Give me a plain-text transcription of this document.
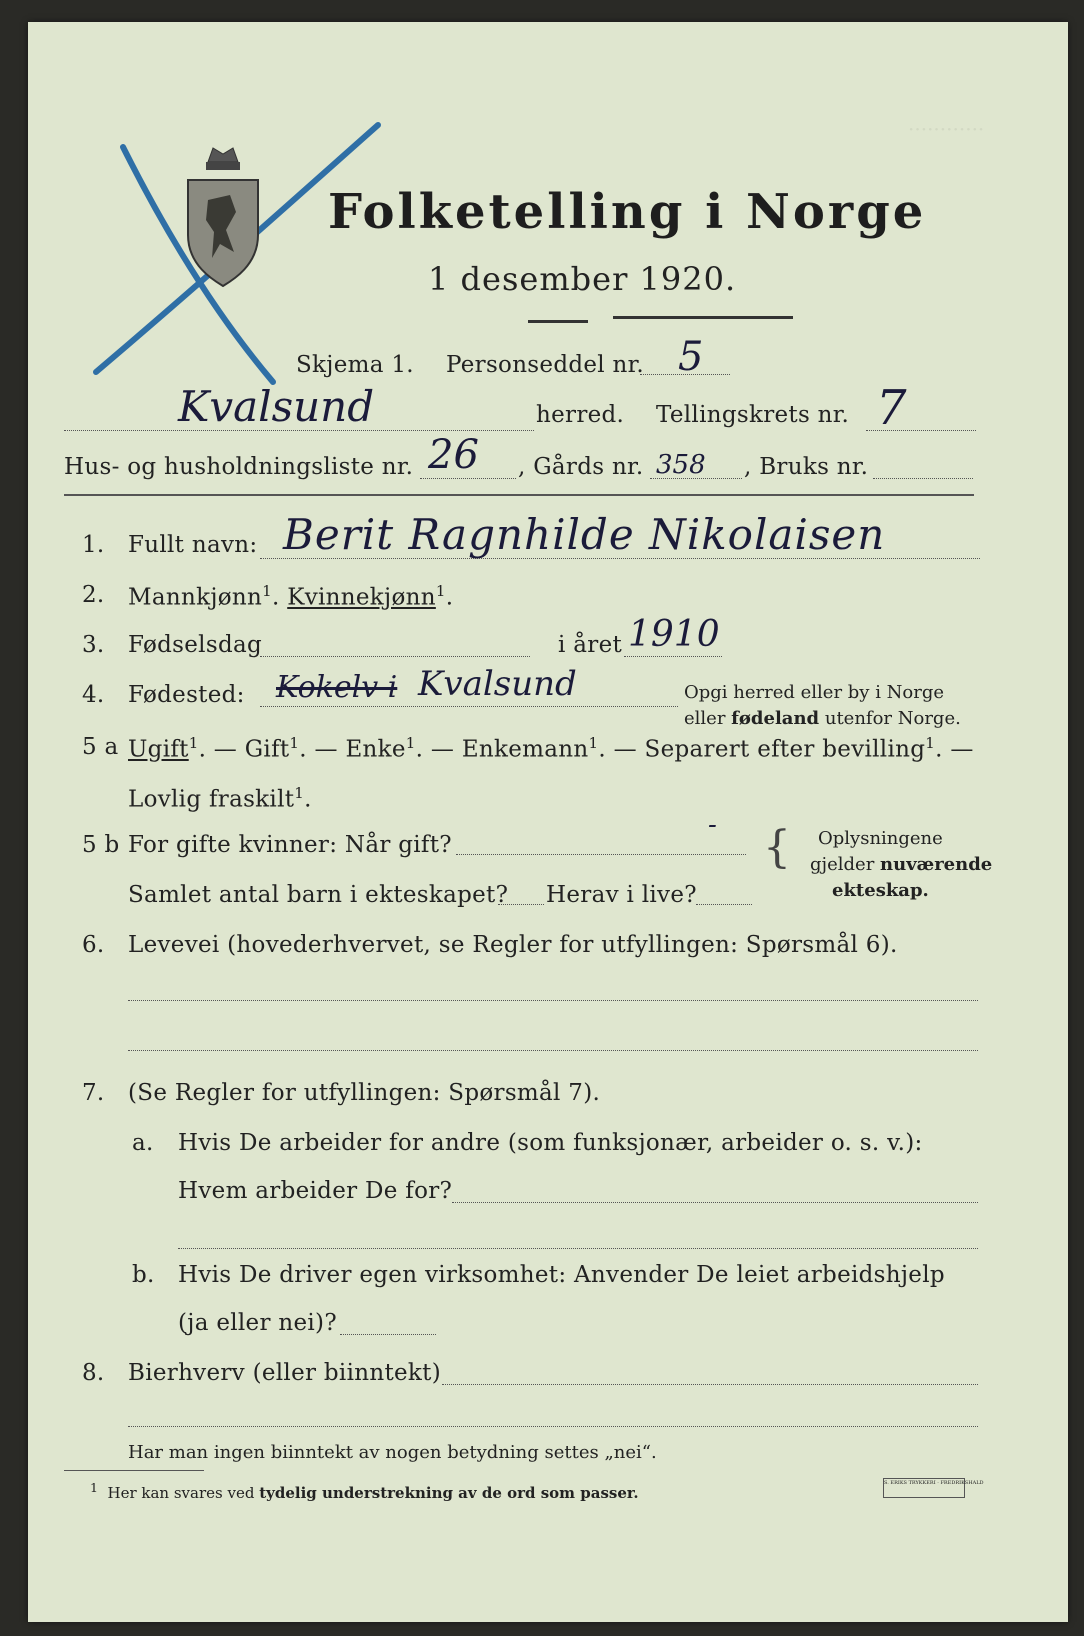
············
Folketelling i Norge
1 desember 1920.
Skjema 1. Personseddel nr. 5
Kvalsund	herred. Tellingskrets nr. 7
Hus- og husholdningsliste nr. 26 , Gårds nr. 358 , Bruks nr.
1. Fullt navn: Berit Ragnhilde Nikolaisen
2. Mannkjønn$^1$. Kvinnekjønn$^1$.
3. Fødselsdag	i året 1910
4. Fødested: Kokelv i Kvalsund	Opgi herred eller by i Norge
eller fødeland utenfor Norge.
5 a Ugift$^1$. — Gift$^1$. — Enke$^1$. — Enkemann$^1$. — Separert efter bevilling$^1$. —
Lovlig fraskilt$^1$.
5 b For gifte kvinner: Når gift?
-
Samlet antal barn i ekteskapet? Herav i live?
{ Oplysningene
gjelder nuværende
ekteskap.
6. Levevei (hovederhvervet, se Regler for utfyllingen: Spørsmål 6).
7. (Se Regler for utfyllingen: Spørsmål 7).
a. Hvis De arbeider for andre (som funksjonær, arbeider o. s. v.):
Hvem arbeider De for?
b. Hvis De driver egen virksomhet: Anvender De leiet arbeidshjelp
(ja eller nei)?
8. Bierhverv (eller biinntekt)
Har man ingen biinntekt av nogen betydning settes „nei“.
$^1$ Her kan svares ved tydelig understrekning av de ord som passer.
S. ERIKS TRYKKERI · FREDRIKSHALD
